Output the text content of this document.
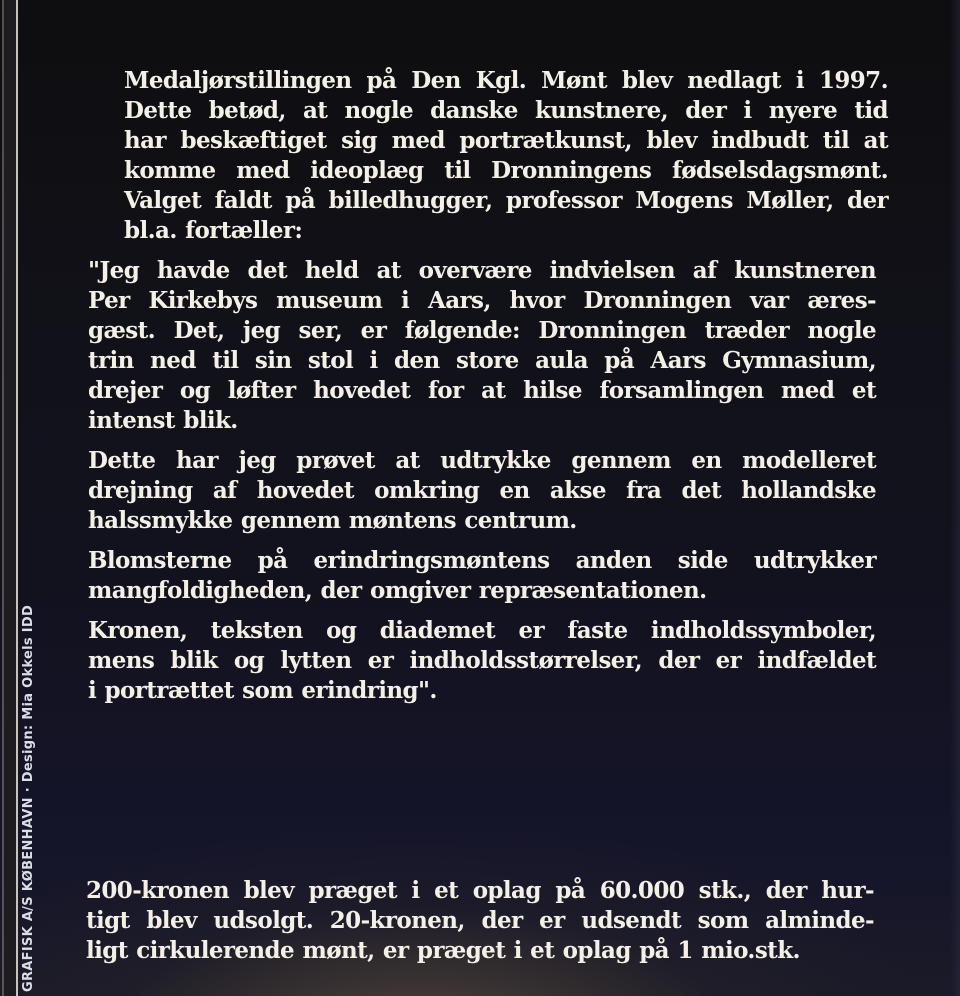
GRAFISK A/S KØBENHAVN · Design: Mia Okkels IDD

Medaljørstillingen på Den Kgl. Mønt blev nedlagt i 1997.
Dette betød, at nogle danske kunstnere, der i nyere tid
har beskæftiget sig med portrætkunst, blev indbudt til at
komme med ideoplæg til Dronningens fødselsdagsmønt.
Valget faldt på billedhugger, professor Mogens Møller, der
bl.a. fortæller:

"Jeg havde det held at overvære indvielsen af kunstneren
Per Kirkebys museum i Aars, hvor Dronningen var æres-
gæst. Det, jeg ser, er følgende: Dronningen træder nogle
trin ned til sin stol i den store aula på Aars Gymnasium,
drejer og løfter hovedet for at hilse forsamlingen med et
intenst blik.

Dette har jeg prøvet at udtrykke gennem en modelleret
drejning af hovedet omkring en akse fra det hollandske
halssmykke gennem møntens centrum.

Blomsterne på erindringsmøntens anden side udtrykker
mangfoldigheden, der omgiver repræsentationen.

Kronen, teksten og diademet er faste indholdssymboler,
mens blik og lytten er indholdsstørrelser, der er indfældet
i portrættet som erindring".

200-kronen blev præget i et oplag på 60.000 stk., der hur-
tigt blev udsolgt. 20-kronen, der er udsendt som alminde-
ligt cirkulerende mønt, er præget i et oplag på 1 mio.stk.
